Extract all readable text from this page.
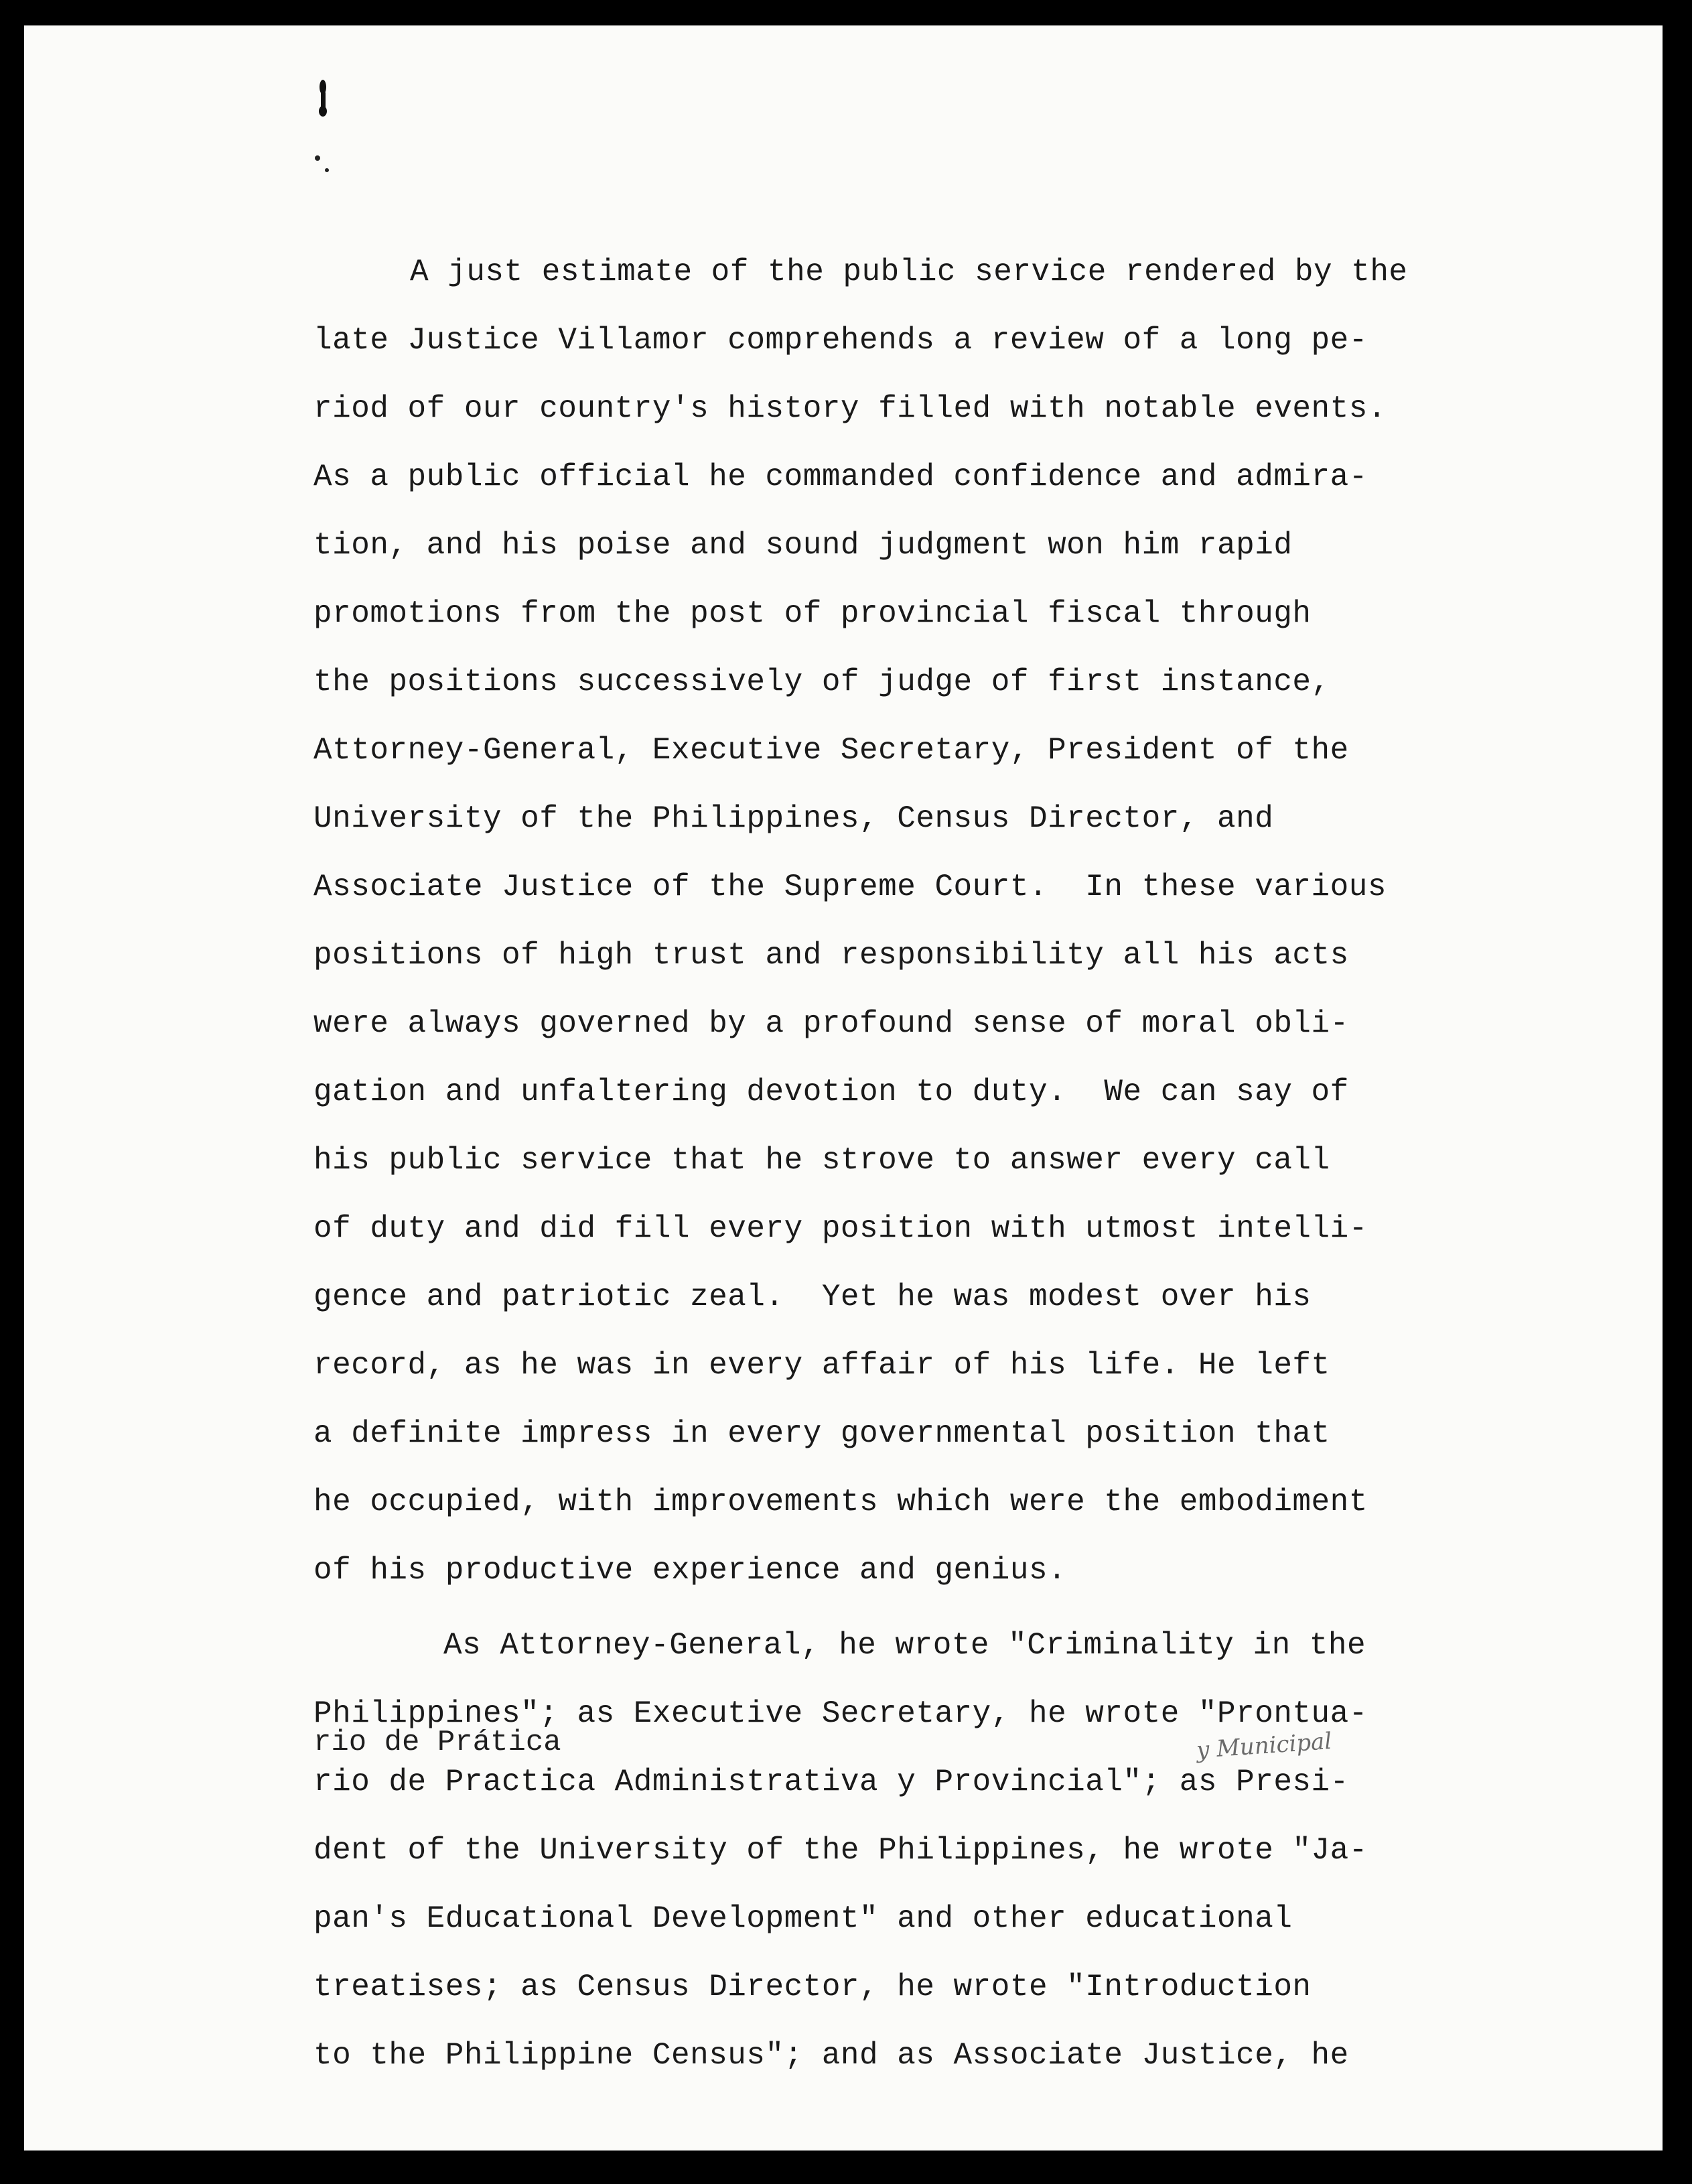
A just estimate of the public service rendered by the
late Justice Villamor comprehends a review of a long pe-
riod of our country's history filled with notable events.
As a public official he commanded confidence and admira-
tion, and his poise and sound judgment won him rapid
promotions from the post of provincial fiscal through
the positions successively of judge of first instance,
Attorney-General, Executive Secretary, President of the
University of the Philippines, Census Director, and
Associate Justice of the Supreme Court.  In these various
positions of high trust and responsibility all his acts
were always governed by a profound sense of moral obli-
gation and unfaltering devotion to duty.  We can say of
his public service that he strove to answer every call
of duty and did fill every position with utmost intelli-
gence and patriotic zeal.  Yet he was modest over his
record, as he was in every affair of his life. He left
a definite impress in every governmental position that
he occupied, with improvements which were the embodiment
of his productive experience and genius.
As Attorney-General, he wrote "Criminality in the
Philippines"; as Executive Secretary, he wrote "Prontua-
rio de Prática	y Municipal
rio de Practica Administrativa y Provincial"; as Presi-
dent of the University of the Philippines, he wrote "Ja-
pan's Educational Development" and other educational
treatises; as Census Director, he wrote "Introduction
to the Philippine Census"; and as Associate Justice, he
